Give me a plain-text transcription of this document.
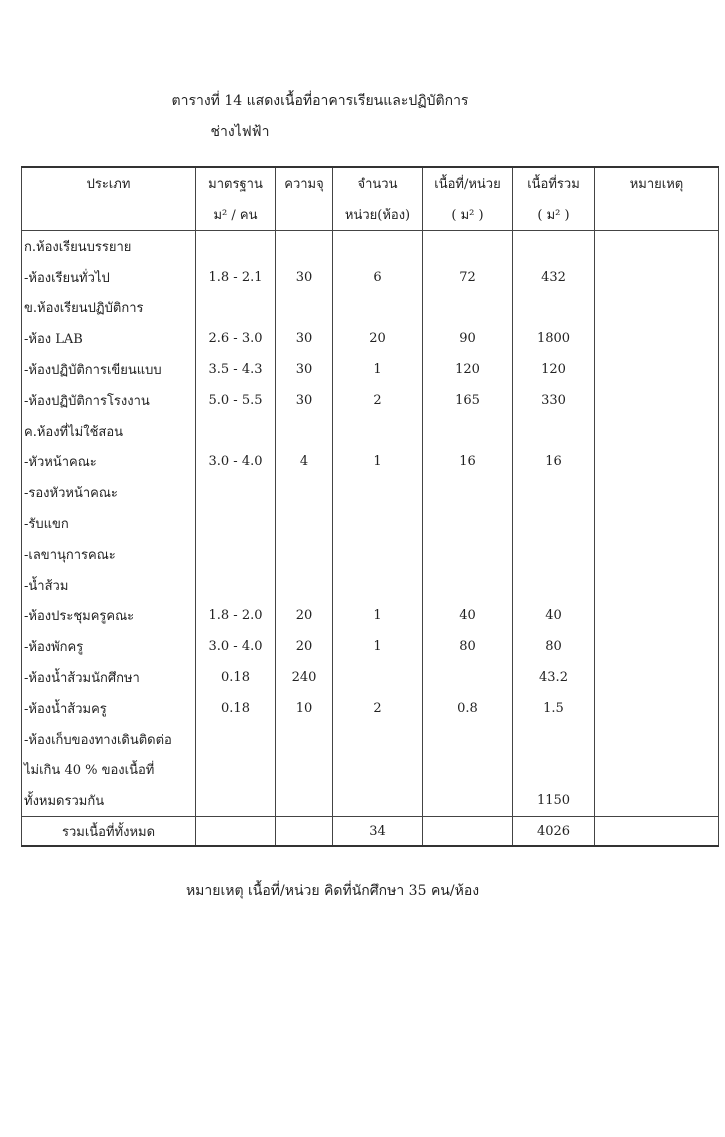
ตารางที่ 14 แสดงเนื้อที่อาคารเรียนและปฏิบัติการ
ช่างไฟฟ้า
ประเภท	มาตรฐาน	ความจุ	จำนวน	เนื้อที่/หน่วย	เนื้อที่รวม	หมายเหตุ
	ม² / คน		หน่วย(ห้อง)	( ม² )	( ม² )	
ก.ห้องเรียนบรรยาย						
-ห้องเรียนทั่วไป	1.8 - 2.1	30	6	72	432	
ข.ห้องเรียนปฏิบัติการ						
-ห้อง LAB	2.6 - 3.0	30	20	90	1800	
-ห้องปฏิบัติการเขียนแบบ	3.5 - 4.3	30	1	120	120	
-ห้องปฏิบัติการโรงงาน	5.0 - 5.5	30	2	165	330	
ค.ห้องที่ไม่ใช้สอน						
-หัวหน้าคณะ	3.0 - 4.0	4	1	16	16	
-รองหัวหน้าคณะ						
-รับแขก						
-เลขานุการคณะ						
-น้ำส้วม						
-ห้องประชุมครูคณะ	1.8 - 2.0	20	1	40	40	
-ห้องพักครู	3.0 - 4.0	20	1	80	80	
-ห้องน้ำส้วมนักศึกษา	0.18	240			43.2	
-ห้องน้ำส้วมครู	0.18	10	2	0.8	1.5	
-ห้องเก็บของทางเดินติดต่อ						
ไม่เกิน 40 % ของเนื้อที่						
ทั้งหมดรวมกัน					1150	
รวมเนื้อที่ทั้งหมด			34		4026	
หมายเหตุ เนื้อที่/หน่วย คิดที่นักศึกษา 35 คน/ห้อง
